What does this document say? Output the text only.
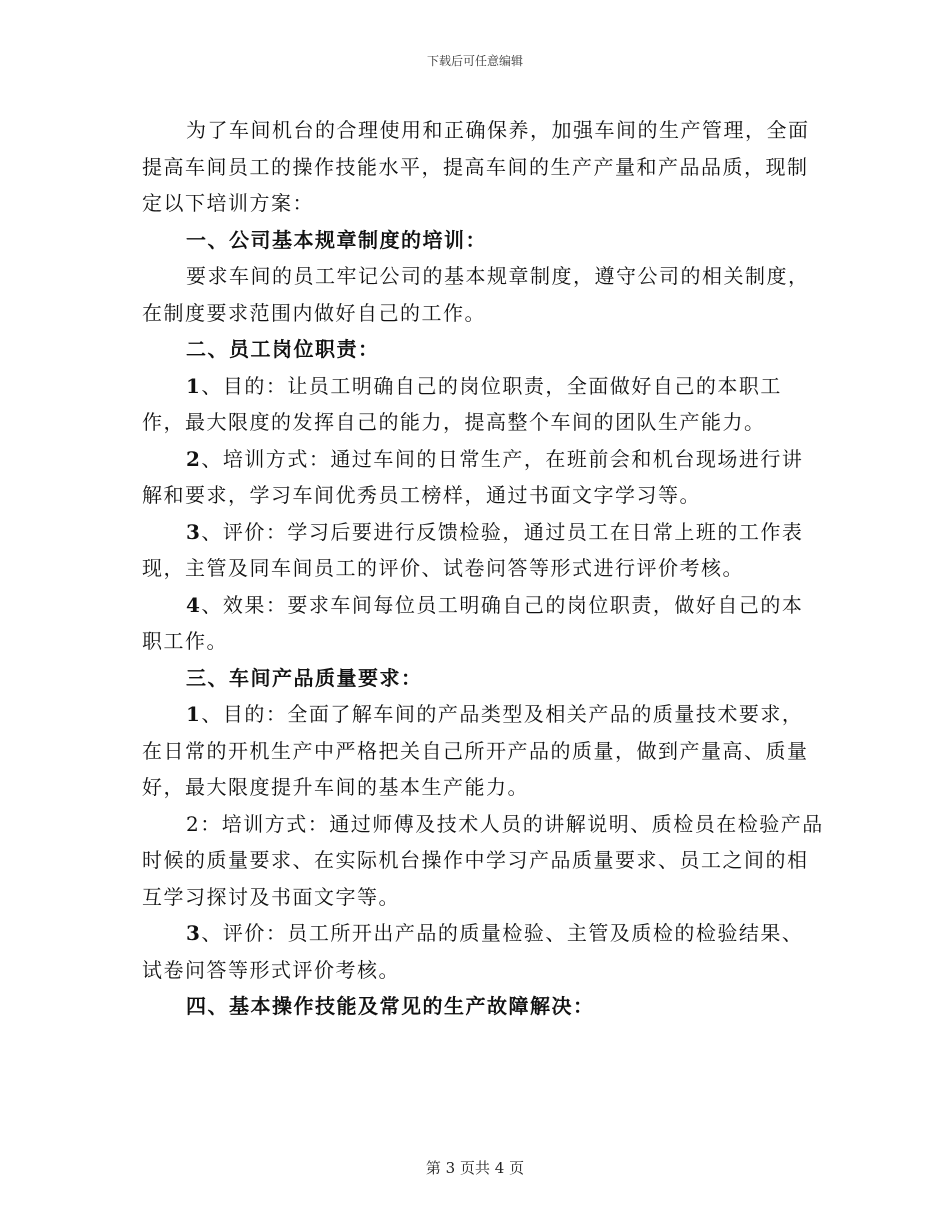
下载后可任意编辑

为了车间机台的合理使用和正确保养，加强车间的生产管理，全面提高车间员工的操作技能水平，提高车间的生产产量和产品品质，现制定以下培训方案：

一、公司基本规章制度的培训：

要求车间的员工牢记公司的基本规章制度，遵守公司的相关制度，在制度要求范围内做好自己的工作。

二、员工岗位职责：

1、目的：让员工明确自己的岗位职责，全面做好自己的本职工作，最大限度的发挥自己的能力，提高整个车间的团队生产能力。

2、培训方式：通过车间的日常生产，在班前会和机台现场进行讲解和要求，学习车间优秀员工榜样，通过书面文字学习等。

3、评价：学习后要进行反馈检验，通过员工在日常上班的工作表现，主管及同车间员工的评价、试卷问答等形式进行评价考核。

4、效果：要求车间每位员工明确自己的岗位职责，做好自己的本职工作。

三、车间产品质量要求：

1、目的：全面了解车间的产品类型及相关产品的质量技术要求，在日常的开机生产中严格把关自己所开产品的质量，做到产量高、质量好，最大限度提升车间的基本生产能力。

2：培训方式：通过师傅及技术人员的讲解说明、质检员在检验产品时候的质量要求、在实际机台操作中学习产品质量要求、员工之间的相互学习探讨及书面文字等。

3、评价：员工所开出产品的质量检验、主管及质检的检验结果、试卷问答等形式评价考核。

四、基本操作技能及常见的生产故障解决：

第 3 页共 4 页
